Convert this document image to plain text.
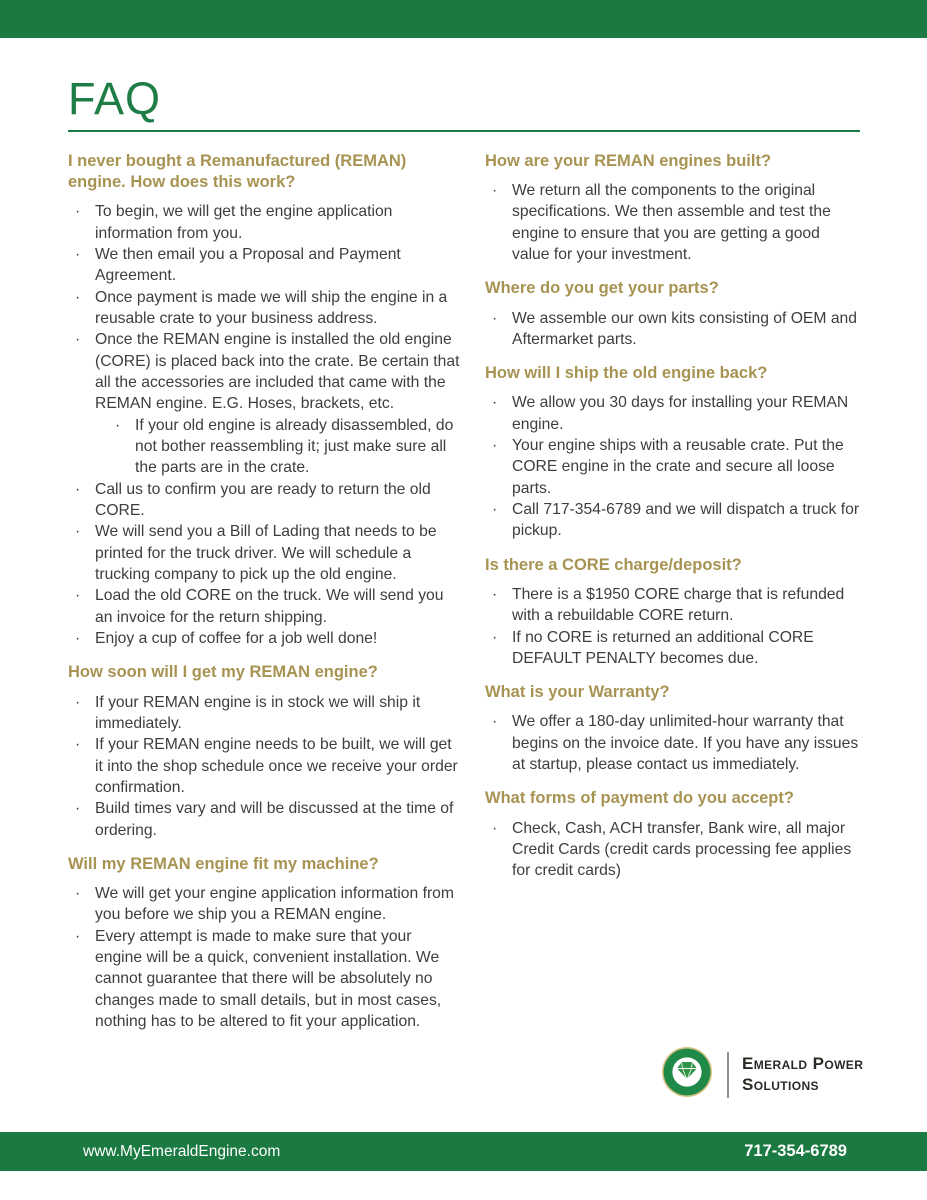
FAQ
I never bought a Remanufactured (REMAN) engine. How does this work?
· To begin, we will get the engine application information from you.
· We then email you a Proposal and Payment Agreement.
· Once payment is made we will ship the engine in a reusable crate to your business address.
· Once the REMAN engine is installed the old engine (CORE) is placed back into the crate. Be certain that all the accessories are included that came with the REMAN engine. E.G. Hoses, brackets, etc.
· If your old engine is already disassembled, do not bother reassembling it; just make sure all the parts are in the crate.
· Call us to confirm you are ready to return the old CORE.
· We will send you a Bill of Lading that needs to be printed for the truck driver. We will schedule a trucking company to pick up the old engine.
· Load the old CORE on the truck. We will send you an invoice for the return shipping.
· Enjoy a cup of coffee for a job well done!
How soon will I get my REMAN engine?
· If your REMAN engine is in stock we will ship it immediately.
· If your REMAN engine needs to be built, we will get it into the shop schedule once we receive your order confirmation.
· Build times vary and will be discussed at the time of ordering.
Will my REMAN engine fit my machine?
· We will get your engine application information from you before we ship you a REMAN engine.
· Every attempt is made to make sure that your engine will be a quick, convenient installation. We cannot guarantee that there will be absolutely no changes made to small details, but in most cases, nothing has to be altered to fit your application.
How are your REMAN engines built?
· We return all the components to the original specifications. We then assemble and test the engine to ensure that you are getting a good value for your investment.
Where do you get your parts?
· We assemble our own kits consisting of OEM and Aftermarket parts.
How will I ship the old engine back?
· We allow you 30 days for installing your REMAN engine.
· Your engine ships with a reusable crate. Put the CORE engine in the crate and secure all loose parts.
· Call 717-354-6789 and we will dispatch a truck for pickup.
Is there a CORE charge/deposit?
· There is a $1950 CORE charge that is refunded with a rebuildable CORE return.
· If no CORE is returned an additional CORE DEFAULT PENALTY becomes due.
What is your Warranty?
· We offer a 180-day unlimited-hour warranty that begins on the invoice date. If you have any issues at startup, please contact us immediately.
What forms of payment do you accept?
· Check, Cash, ACH transfer, Bank wire, all major Credit Cards (credit cards processing fee applies for credit cards)
Emerald Power
Solutions
www.MyEmeraldEngine.com	717-354-6789
